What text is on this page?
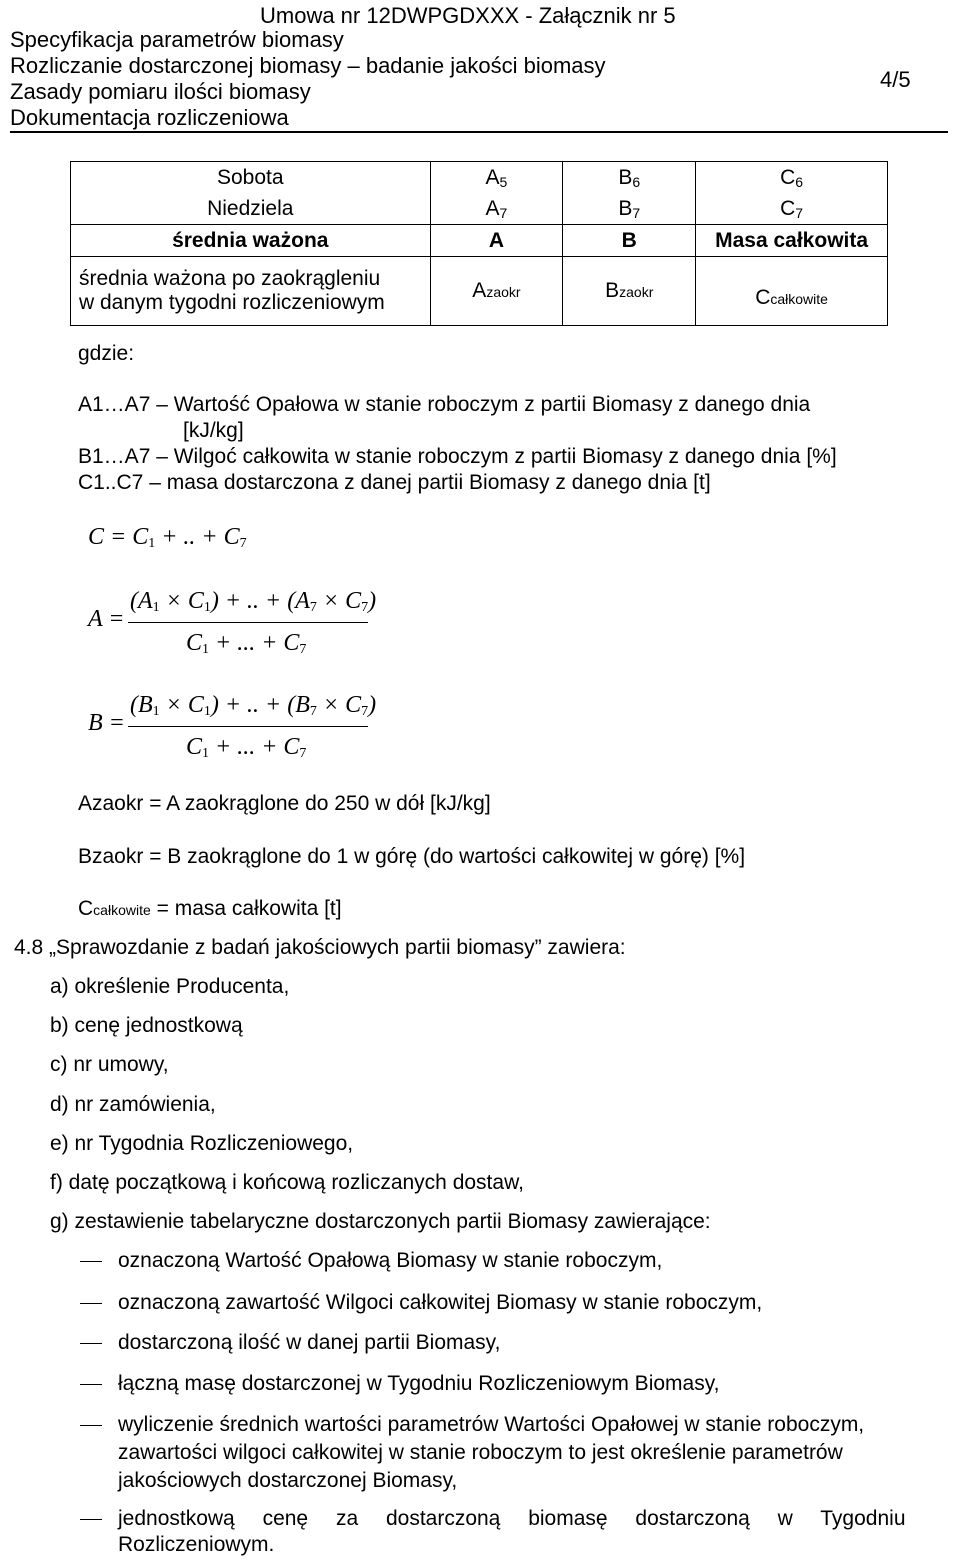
Umowa nr 12DWPGDXXX - Załącznik nr 5
Specyfikacja parametrów biomasy
Rozliczanie dostarczonej biomasy – badanie jakości biomasy
Zasady pomiaru ilości biomasy
Dokumentacja rozliczeniowa
4/5
Sobota	$A_5$	$B_6$	$C_6$
Niedziela	$A_7$	$B_7$	$C_7$
średnia ważona	A	B	Masa całkowita

średnia ważona po zaokrągleniu
w danym tygodni rozliczeniowym	Azaokr	Bzaokr	Ccałkowite
gdzie:
A1…A7 – Wartość Opałowa w stanie roboczym z partii Biomasy z danego dnia
[kJ/kg]
B1…A7 – Wilgoć całkowita w stanie roboczym z partii Biomasy z danego dnia [%]
C1..C7 – masa dostarczona z danej partii Biomasy z danego dnia [t]
$C = C_1$ + .. + $C_7$
A =
$(A_1 \times C_1)$ + .. + $(A_7 \times C_7)$
$C_1$ + ... + $C_7$
B =
$(B_1 \times C_1)$ + .. + $(B_7 \times C_7)$
$C_1$ + ... + $C_7$
Azaokr = A zaokrąglone do 250 w dół [kJ/kg]
Bzaokr = B zaokrąglone do 1 w górę (do wartości całkowitej w górę) [%]
Ccałkowite = masa całkowita [t]
4.8 „Sprawozdanie z badań jakościowych partii biomasy” zawiera:
a) określenie Producenta,
b) cenę jednostkową
c) nr umowy,
d) nr zamówienia,
e) nr Tygodnia Rozliczeniowego,
f) datę początkową i końcową rozliczanych dostaw,
g) zestawienie tabelaryczne dostarczonych partii Biomasy zawierające:
oznaczoną Wartość Opałową Biomasy w stanie roboczym,
oznaczoną zawartość Wilgoci całkowitej Biomasy w stanie roboczym,
dostarczoną ilość w danej partii Biomasy,
łączną masę dostarczonej w Tygodniu Rozliczeniowym Biomasy,
wyliczenie średnich wartości parametrów Wartości Opałowej w stanie roboczym,
zawartości wilgoci całkowitej w stanie roboczym to jest określenie parametrów
jakościowych dostarczonej Biomasy,
jednostkową cenę za dostarczoną biomasę dostarczoną w Tygodniu
Rozliczeniowym.
